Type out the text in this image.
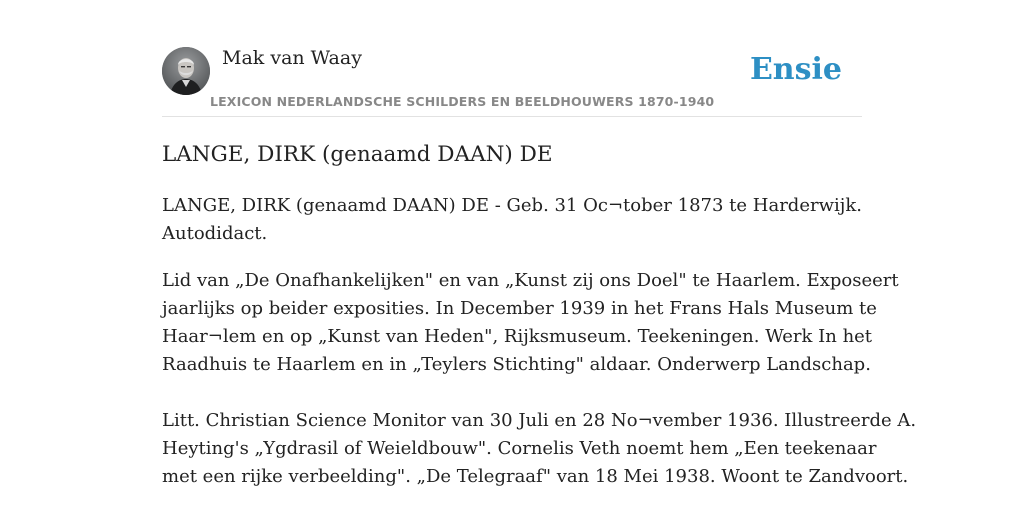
Mak van Waay
LEXICON NEDERLANDSCHE SCHILDERS EN BEELDHOUWERS 1870-1940
Ensie
LANGE, DIRK (genaamd DAAN) DE

LANGE, DIRK (genaamd DAAN) DE - Geb. 31 Oc¬tober 1873 te Harderwijk.
Autodidact.

Lid van „De Onafhankelijken" en van „Kunst zij ons Doel" te Haarlem. Exposeert
jaarlijks op beider exposities. In December 1939 in het Frans Hals Museum te
Haar¬lem en op „Kunst van Heden", Rijksmuseum. Teekeningen. Werk In het
Raadhuis te Haarlem en in „Teylers Stichting" aldaar. Onderwerp Landschap.

Litt. Christian Science Monitor van 30 Juli en 28 No¬vember 1936. Illustreerde A.
Heyting's „Ygdrasil of Weieldbouw". Cornelis Veth noemt hem „Een teekenaar
met een rijke verbeelding". „De Telegraaf" van 18 Mei 1938. Woont te Zandvoort.
